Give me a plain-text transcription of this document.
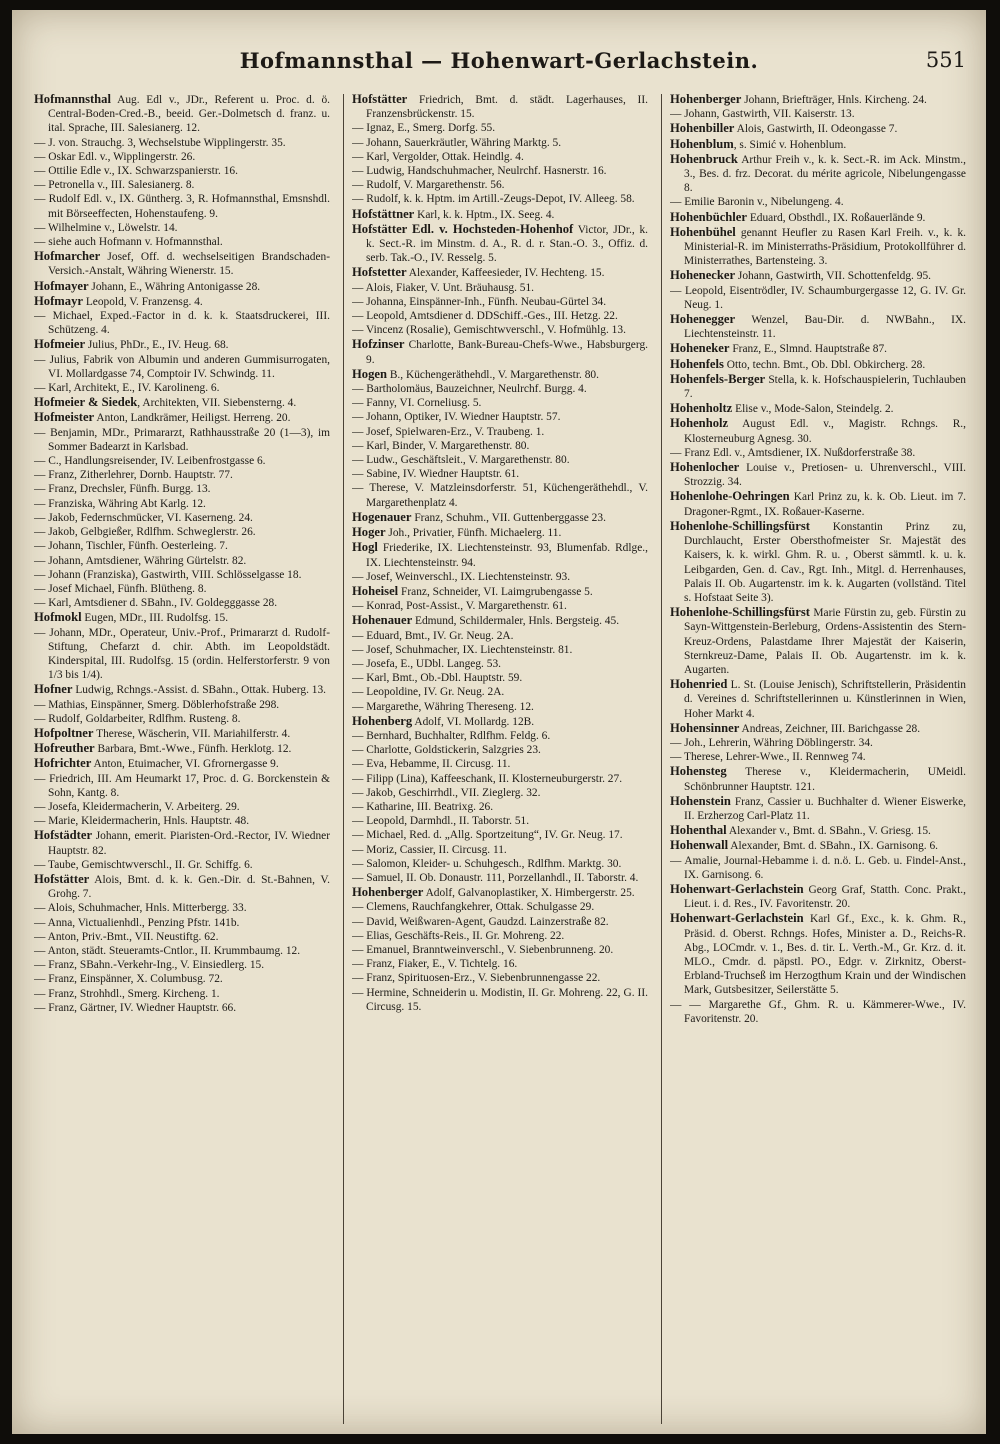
Hofmannsthal — Hohenwart-Gerlachstein.	551

Hofmannsthal Aug. Edl v., JDr., Referent u. Proc. d. ö. Central-Boden-Cred.-B., beeid. Ger.-Dolmetsch d. franz. u. ital. Sprache, III. Salesianerg. 12.

— J. von. Strauchg. 3, Wechselstube Wipplingerstr. 35.

— Oskar Edl. v., Wipplingerstr. 26.

— Ottilie Edle v., IX. Schwarzspanierstr. 16.

— Petronella v., III. Salesianerg. 8.

— Rudolf Edl. v., IX. Güntherg. 3, R. Hofmannsthal, Emsnshdl. mit Börseeffecten, Hohenstaufeng. 9.

— Wilhelmine v., Löwelstr. 14.

— siehe auch Hofmann v. Hofmannsthal.

Hofmarcher Josef, Off. d. wechselseitigen Brandschaden-Versich.-Anstalt, Währing Wienerstr. 15.

Hofmayer Johann, E., Währing Antonigasse 28.

Hofmayr Leopold, V. Franzensg. 4.

— Michael, Exped.-Factor in d. k. k. Staatsdruckerei, III. Schützeng. 4.

Hofmeier Julius, PhDr., E., IV. Heug. 68.

— Julius, Fabrik von Albumin und anderen Gummisurrogaten, VI. Mollardgasse 74, Comptoir IV. Schwindg. 11.

— Karl, Architekt, E., IV. Karolineng. 6.

Hofmeier & Siedek, Architekten, VII. Siebensterng. 4.

Hofmeister Anton, Landkrämer, Heiligst. Herreng. 20.

— Benjamin, MDr., Primararzt, Rathhausstraße 20 (1—3), im Sommer Badearzt in Karlsbad.

— C., Handlungsreisender, IV. Leibenfrostgasse 6.

— Franz, Zitherlehrer, Dornb. Hauptstr. 77.

— Franz, Drechsler, Fünfh. Burgg. 13.

— Franziska, Währing Abt Karlg. 12.

— Jakob, Federnschmücker, VI. Kaserneng. 24.

— Jakob, Gelbgießer, Rdlfhm. Schweglerstr. 26.

— Johann, Tischler, Fünfh. Oesterleing. 7.

— Johann, Amtsdiener, Währing Gürtelstr. 82.

— Johann (Franziska), Gastwirth, VIII. Schlösselgasse 18.

— Josef Michael, Fünfh. Blütheng. 8.

— Karl, Amtsdiener d. SBahn., IV. Goldegggasse 28.

Hofmokl Eugen, MDr., III. Rudolfsg. 15.

— Johann, MDr., Operateur, Univ.-Prof., Primararzt d. Rudolf-Stiftung, Chefarzt d. chir. Abth. im Leopoldstädt. Kinderspital, III. Rudolfsg. 15 (ordin. Helferstorferstr. 9 von 1/3 bis 1/4).

Hofner Ludwig, Rchngs.-Assist. d. SBahn., Ottak. Huberg. 13.

— Mathias, Einspänner, Smerg. Döblerhofstraße 298.

— Rudolf, Goldarbeiter, Rdlfhm. Rusteng. 8.

Hofpoltner Therese, Wäscherin, VII. Mariahilferstr. 4.

Hofreuther Barbara, Bmt.-Wwe., Fünfh. Herklotg. 12.

Hofrichter Anton, Etuimacher, VI. Gfrornergasse 9.

— Friedrich, III. Am Heumarkt 17, Proc. d. G. Borckenstein & Sohn, Kantg. 8.

— Josefa, Kleidermacherin, V. Arbeiterg. 29.

— Marie, Kleidermacherin, Hnls. Hauptstr. 48.

Hofstädter Johann, emerit. Piaristen-Ord.-Rector, IV. Wiedner Hauptstr. 82.

— Taube, Gemischtwverschl., II. Gr. Schiffg. 6.

Hofstätter Alois, Bmt. d. k. k. Gen.-Dir. d. St.-Bahnen, V. Grohg. 7.

— Alois, Schuhmacher, Hnls. Mitterbergg. 33.

— Anna, Victualienhdl., Penzing Pfstr. 141b.

— Anton, Priv.-Bmt., VII. Neustiftg. 62.

— Anton, städt. Steueramts-Cntlor., II. Krummbaumg. 12.

— Franz, SBahn.-Verkehr-Ing., V. Einsiedlerg. 15.

— Franz, Einspänner, X. Columbusg. 72.

— Franz, Strohhdl., Smerg. Kircheng. 1.

— Franz, Gärtner, IV. Wiedner Hauptstr. 66.

Hofstätter Friedrich, Bmt. d. städt. Lagerhauses, II. Franzensbrückenstr. 15.

— Ignaz, E., Smerg. Dorfg. 55.

— Johann, Sauerkräutler, Währing Marktg. 5.

— Karl, Vergolder, Ottak. Heindlg. 4.

— Ludwig, Handschuhmacher, Neulrchf. Hasnerstr. 16.

— Rudolf, V. Margarethenstr. 56.

— Rudolf, k. k. Hptm. im Artill.-Zeugs-Depot, IV. Alleeg. 58.

Hofstättner Karl, k. k. Hptm., IX. Seeg. 4.

Hofstätter Edl. v. Hochsteden-Hohenhof Victor, JDr., k. k. Sect.-R. im Minstm. d. A., R. d. r. Stan.-O. 3., Offiz. d. serb. Tak.-O., IV. Resselg. 5.

Hofstetter Alexander, Kaffeesieder, IV. Hechteng. 15.

— Alois, Fiaker, V. Unt. Bräuhausg. 51.

— Johanna, Einspänner-Inh., Fünfh. Neubau-Gürtel 34.

— Leopold, Amtsdiener d. DDSchiff.-Ges., III. Hetzg. 22.

— Vincenz (Rosalie), Gemischtwverschl., V. Hofmühlg. 13.

Hofzinser Charlotte, Bank-Bureau-Chefs-Wwe., Habsburgerg. 9.

Hogen B., Küchengeräthehdl., V. Margarethenstr. 80.

— Bartholomäus, Bauzeichner, Neulrchf. Burgg. 4.

— Fanny, VI. Corneliusg. 5.

— Johann, Optiker, IV. Wiedner Hauptstr. 57.

— Josef, Spielwaren-Erz., V. Traubeng. 1.

— Karl, Binder, V. Margarethenstr. 80.

— Ludw., Geschäftsleit., V. Margarethenstr. 80.

— Sabine, IV. Wiedner Hauptstr. 61.

— Therese, V. Matzleinsdorferstr. 51, Küchengeräthehdl., V. Margarethenplatz 4.

Hogenauer Franz, Schuhm., VII. Guttenberggasse 23.

Hoger Joh., Privatier, Fünfh. Michaelerg. 11.

Hogl Friederike, IX. Liechtensteinstr. 93, Blumenfab. Rdlge., IX. Liechtensteinstr. 94.

— Josef, Weinverschl., IX. Liechtensteinstr. 93.

Hoheisel Franz, Schneider, VI. Laimgrubengasse 5.

— Konrad, Post-Assist., V. Margarethenstr. 61.

Hohenauer Edmund, Schildermaler, Hnls. Bergsteig. 45.

— Eduard, Bmt., IV. Gr. Neug. 2A.

— Josef, Schuhmacher, IX. Liechtensteinstr. 81.

— Josefa, E., UDbl. Langeg. 53.

— Karl, Bmt., Ob.-Dbl. Hauptstr. 59.

— Leopoldine, IV. Gr. Neug. 2A.

— Margarethe, Währing Thereseng. 12.

Hohenberg Adolf, VI. Mollardg. 12B.

— Bernhard, Buchhalter, Rdlfhm. Feldg. 6.

— Charlotte, Goldstickerin, Salzgries 23.

— Eva, Hebamme, II. Circusg. 11.

— Filipp (Lina), Kaffeeschank, II. Klosterneuburgerstr. 27.

— Jakob, Geschirrhdl., VII. Zieglerg. 32.

— Katharine, III. Beatrixg. 26.

— Leopold, Darmhdl., II. Taborstr. 51.

— Michael, Red. d. „Allg. Sportzeitung“, IV. Gr. Neug. 17.

— Moriz, Cassier, II. Circusg. 11.

— Salomon, Kleider- u. Schuhgesch., Rdlfhm. Marktg. 30.

— Samuel, II. Ob. Donaustr. 111, Porzellanhdl., II. Taborstr. 4.

Hohenberger Adolf, Galvanoplastiker, X. Himbergerstr. 25.

— Clemens, Rauchfangkehrer, Ottak. Schulgasse 29.

— David, Weißwaren-Agent, Gaudzd. Lainzerstraße 82.

— Elias, Geschäfts-Reis., II. Gr. Mohreng. 22.

— Emanuel, Branntweinverschl., V. Siebenbrunneng. 20.

— Franz, Fiaker, E., V. Tichtelg. 16.

— Franz, Spirituosen-Erz., V. Siebenbrunnengasse 22.

— Hermine, Schneiderin u. Modistin, II. Gr. Mohreng. 22, G. II. Circusg. 15.

Hohenberger Johann, Briefträger, Hnls. Kircheng. 24.

— Johann, Gastwirth, VII. Kaiserstr. 13.

Hohenbiller Alois, Gastwirth, II. Odeongasse 7.

Hohenblum, s. Simić v. Hohenblum.

Hohenbruck Arthur Freih v., k. k. Sect.-R. im Ack. Minstm., 3., Bes. d. frz. Decorat. du mérite agricole, Nibelungengasse 8.

— Emilie Baronin v., Nibelungeng. 4.

Hohenbüchler Eduard, Obsthdl., IX. Roßauerlände 9.

Hohenbühel genannt Heufler zu Rasen Karl Freih. v., k. k. Ministerial-R. im Ministerraths-Präsidium, Protokollführer d. Ministerrathes, Bartensteing. 3.

Hohenecker Johann, Gastwirth, VII. Schottenfeldg. 95.

— Leopold, Eisentrödler, IV. Schaumburgergasse 12, G. IV. Gr. Neug. 1.

Hohenegger Wenzel, Bau-Dir. d. NWBahn., IX. Liechtensteinstr. 11.

Hoheneker Franz, E., Slmnd. Hauptstraße 87.

Hohenfels Otto, techn. Bmt., Ob. Dbl. Obkircherg. 28.

Hohenfels-Berger Stella, k. k. Hofschauspielerin, Tuchlauben 7.

Hohenholtz Elise v., Mode-Salon, Steindelg. 2.

Hohenholz August Edl. v., Magistr. Rchngs. R., Klosterneuburg Agnesg. 30.

— Franz Edl. v., Amtsdiener, IX. Nußdorferstraße 38.

Hohenlocher Louise v., Pretiosen- u. Uhrenverschl., VIII. Strozzig. 34.

Hohenlohe-Oehringen Karl Prinz zu, k. k. Ob. Lieut. im 7. Dragoner-Rgmt., IX. Roßauer-Kaserne.

Hohenlohe-Schillingsfürst Konstantin Prinz zu, Durchlaucht, Erster Obersthofmeister Sr. Majestät des Kaisers, k. k. wirkl. Ghm. R. u. , Oberst sämmtl. k. u. k. Leibgarden, Gen. d. Cav., Rgt. Inh., Mitgl. d. Herrenhauses, Palais II. Ob. Augartenstr. im k. k. Augarten (vollständ. Titel s. Hofstaat Seite 3).

Hohenlohe-Schillingsfürst Marie Fürstin zu, geb. Fürstin zu Sayn-Wittgenstein-Berleburg, Ordens-Assistentin des Stern-Kreuz-Ordens, Palastdame Ihrer Majestät der Kaiserin, Sternkreuz-Dame, Palais II. Ob. Augartenstr. im k. k. Augarten.

Hohenried L. St. (Louise Jenisch), Schriftstellerin, Präsidentin d. Vereines d. Schriftstellerinnen u. Künstlerinnen in Wien, Hoher Markt 4.

Hohensinner Andreas, Zeichner, III. Barichgasse 28.

— Joh., Lehrerin, Währing Döblingerstr. 34.

— Therese, Lehrer-Wwe., II. Rennweg 74.

Hohensteg Therese v., Kleidermacherin, UMeidl. Schönbrunner Hauptstr. 121.

Hohenstein Franz, Cassier u. Buchhalter d. Wiener Eiswerke, II. Erzherzog Carl-Platz 11.

Hohenthal Alexander v., Bmt. d. SBahn., V. Griesg. 15.

Hohenwall Alexander, Bmt. d. SBahn., IX. Garnisong. 6.

— Amalie, Journal-Hebamme i. d. n.ö. L. Geb. u. Findel-Anst., IX. Garnisong. 6.

Hohenwart-Gerlachstein Georg Graf, Statth. Conc. Prakt., Lieut. i. d. Res., IV. Favoritenstr. 20.

Hohenwart-Gerlachstein Karl Gf., Exc., k. k. Ghm. R., Präsid. d. Oberst. Rchngs. Hofes, Minister a. D., Reichs-R. Abg., LOCmdr. v. 1., Bes. d. tir. L. Verth.-M., Gr. Krz. d. it. MLO., Cmdr. d. päpstl. PO., Edgr. v. Zirknitz, Oberst-Erbland-Truchseß im Herzogthum Krain und der Windischen Mark, Gutsbesitzer, Seilerstätte 5.

— — Margarethe Gf., Ghm. R. u. Kämmerer-Wwe., IV. Favoritenstr. 20.
